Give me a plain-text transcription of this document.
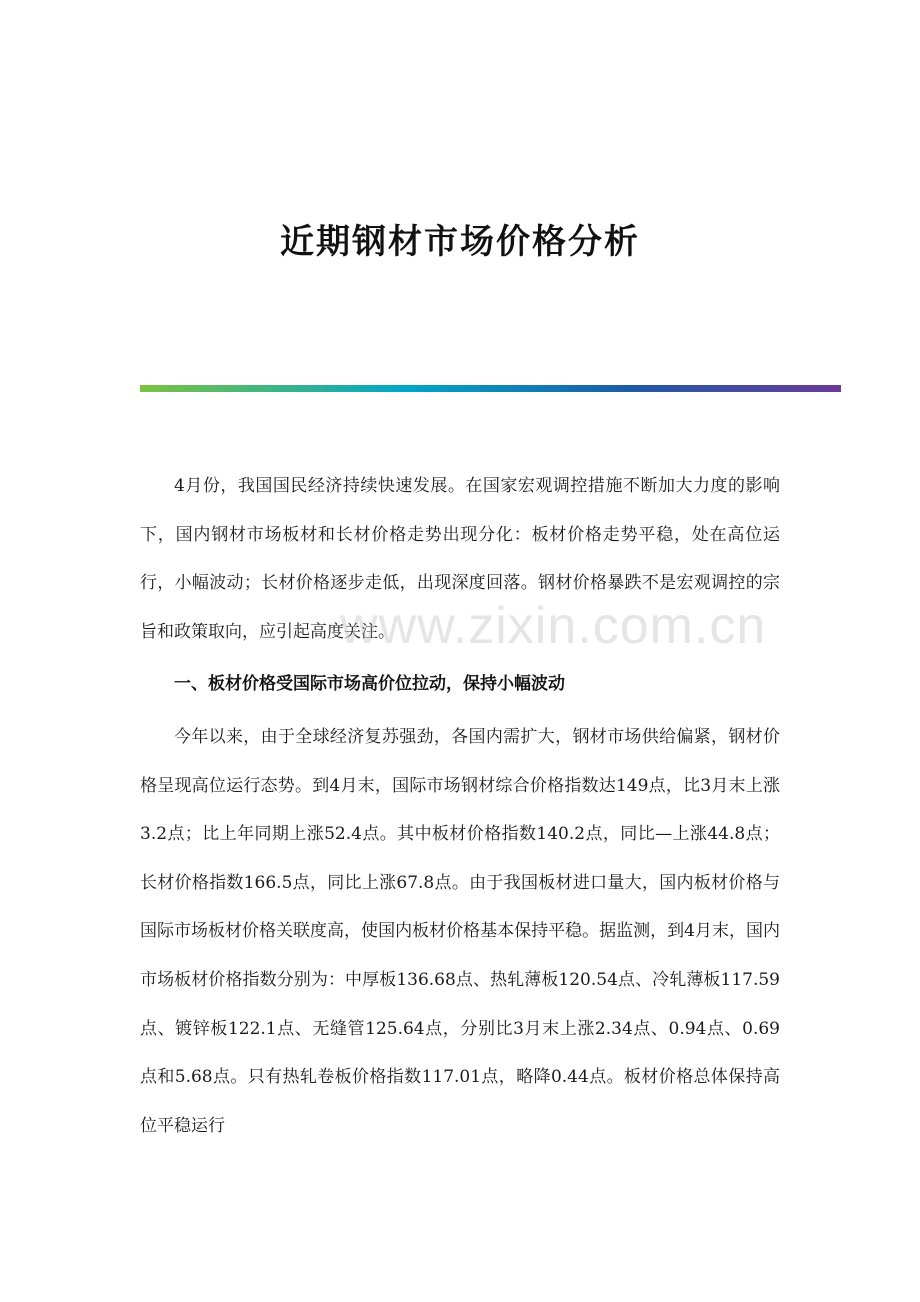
近期钢材市场价格分析

4月份，我国国民经济持续快速发展。在国家宏观调控措施不断加大力度的影响下，国内钢材市场板材和长材价格走势出现分化：板材价格走势平稳，处在高位运行，小幅波动；长材价格逐步走低，出现深度回落。钢材价格暴跌不是宏观调控的宗旨和政策取向，应引起高度关注。

一、板材价格受国际市场高价位拉动，保持小幅波动

今年以来，由于全球经济复苏强劲，各国内需扩大，钢材市场供给偏紧，钢材价格呈现高位运行态势。到4月末，国际市场钢材综合价格指数达149点，比3月末上涨3.2点；比上年同期上涨52.4点。其中板材价格指数140.2点，同比—上涨44.8点；长材价格指数166.5点，同比上涨67.8点。由于我国板材进口量大，国内板材价格与国际市场板材价格关联度高，使国内板材价格基本保持平稳。据监测，到4月末，国内市场板材价格指数分别为：中厚板136.68点、热轧薄板120.54点、冷轧薄板117.59点、镀锌板122.1点、无缝管125.64点，分别比3月末上涨2.34点、0.94点、0.69点和5.68点。只有热轧卷板价格指数117.01点，略降0.44点。板材价格总体保持高位平稳运行

www.zixin.com.cn
